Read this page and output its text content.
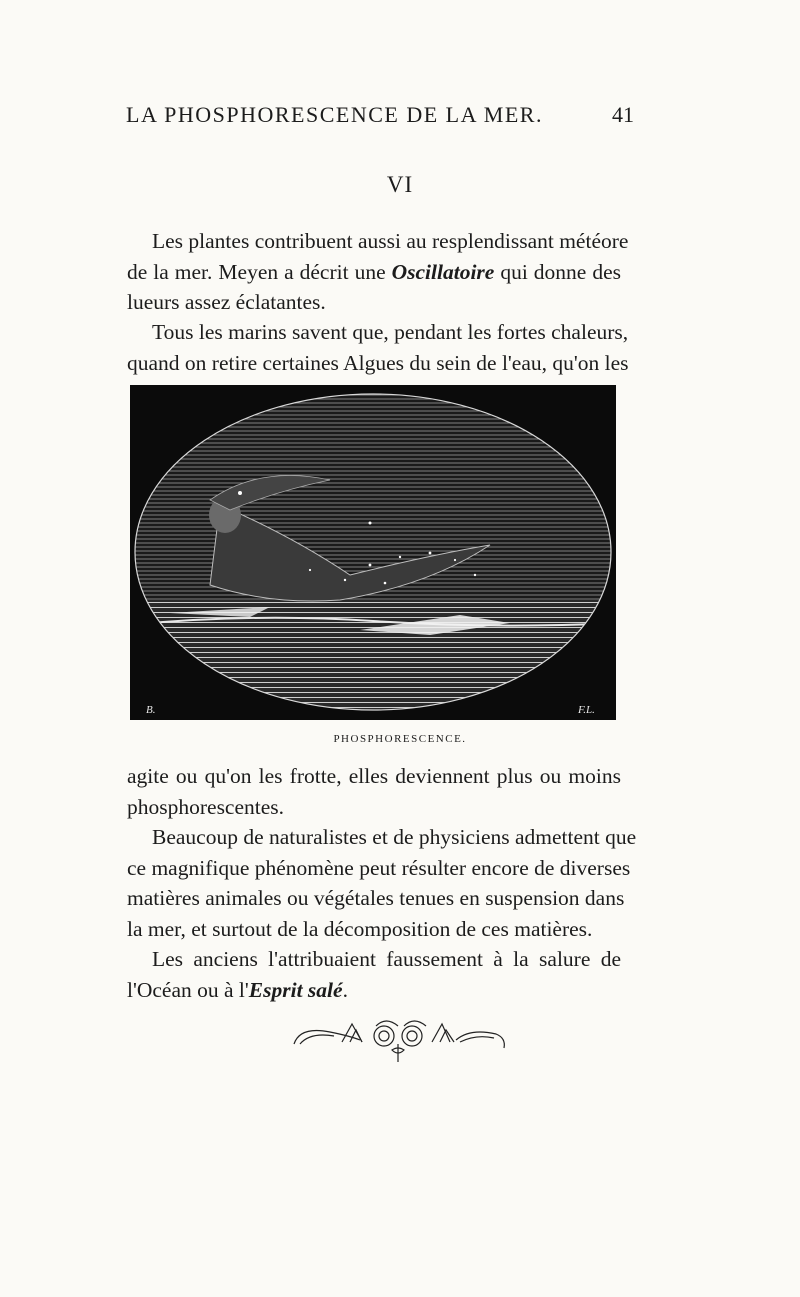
LA PHOSPHORESCENCE DE LA MER.	41
VI
Les plantes contribuent aussi au resplendissant météore
de la mer. Meyen a décrit une Oscillatoire qui donne des
lueurs assez éclatantes.
Tous les marins savent que, pendant les fortes chaleurs,
quand on retire certaines Algues du sein de l'eau, qu'on les
B.	F.L.
PHOSPHORESCENCE.
agite ou qu'on les frotte, elles deviennent plus ou moins
phosphorescentes.
Beaucoup de naturalistes et de physiciens admettent que
ce magnifique phénomène peut résulter encore de diverses
matières animales ou végétales tenues en suspension dans
la mer, et surtout de la décomposition de ces matières.
Les anciens l'attribuaient faussement à la salure de
l'Océan ou à l'Esprit salé.
